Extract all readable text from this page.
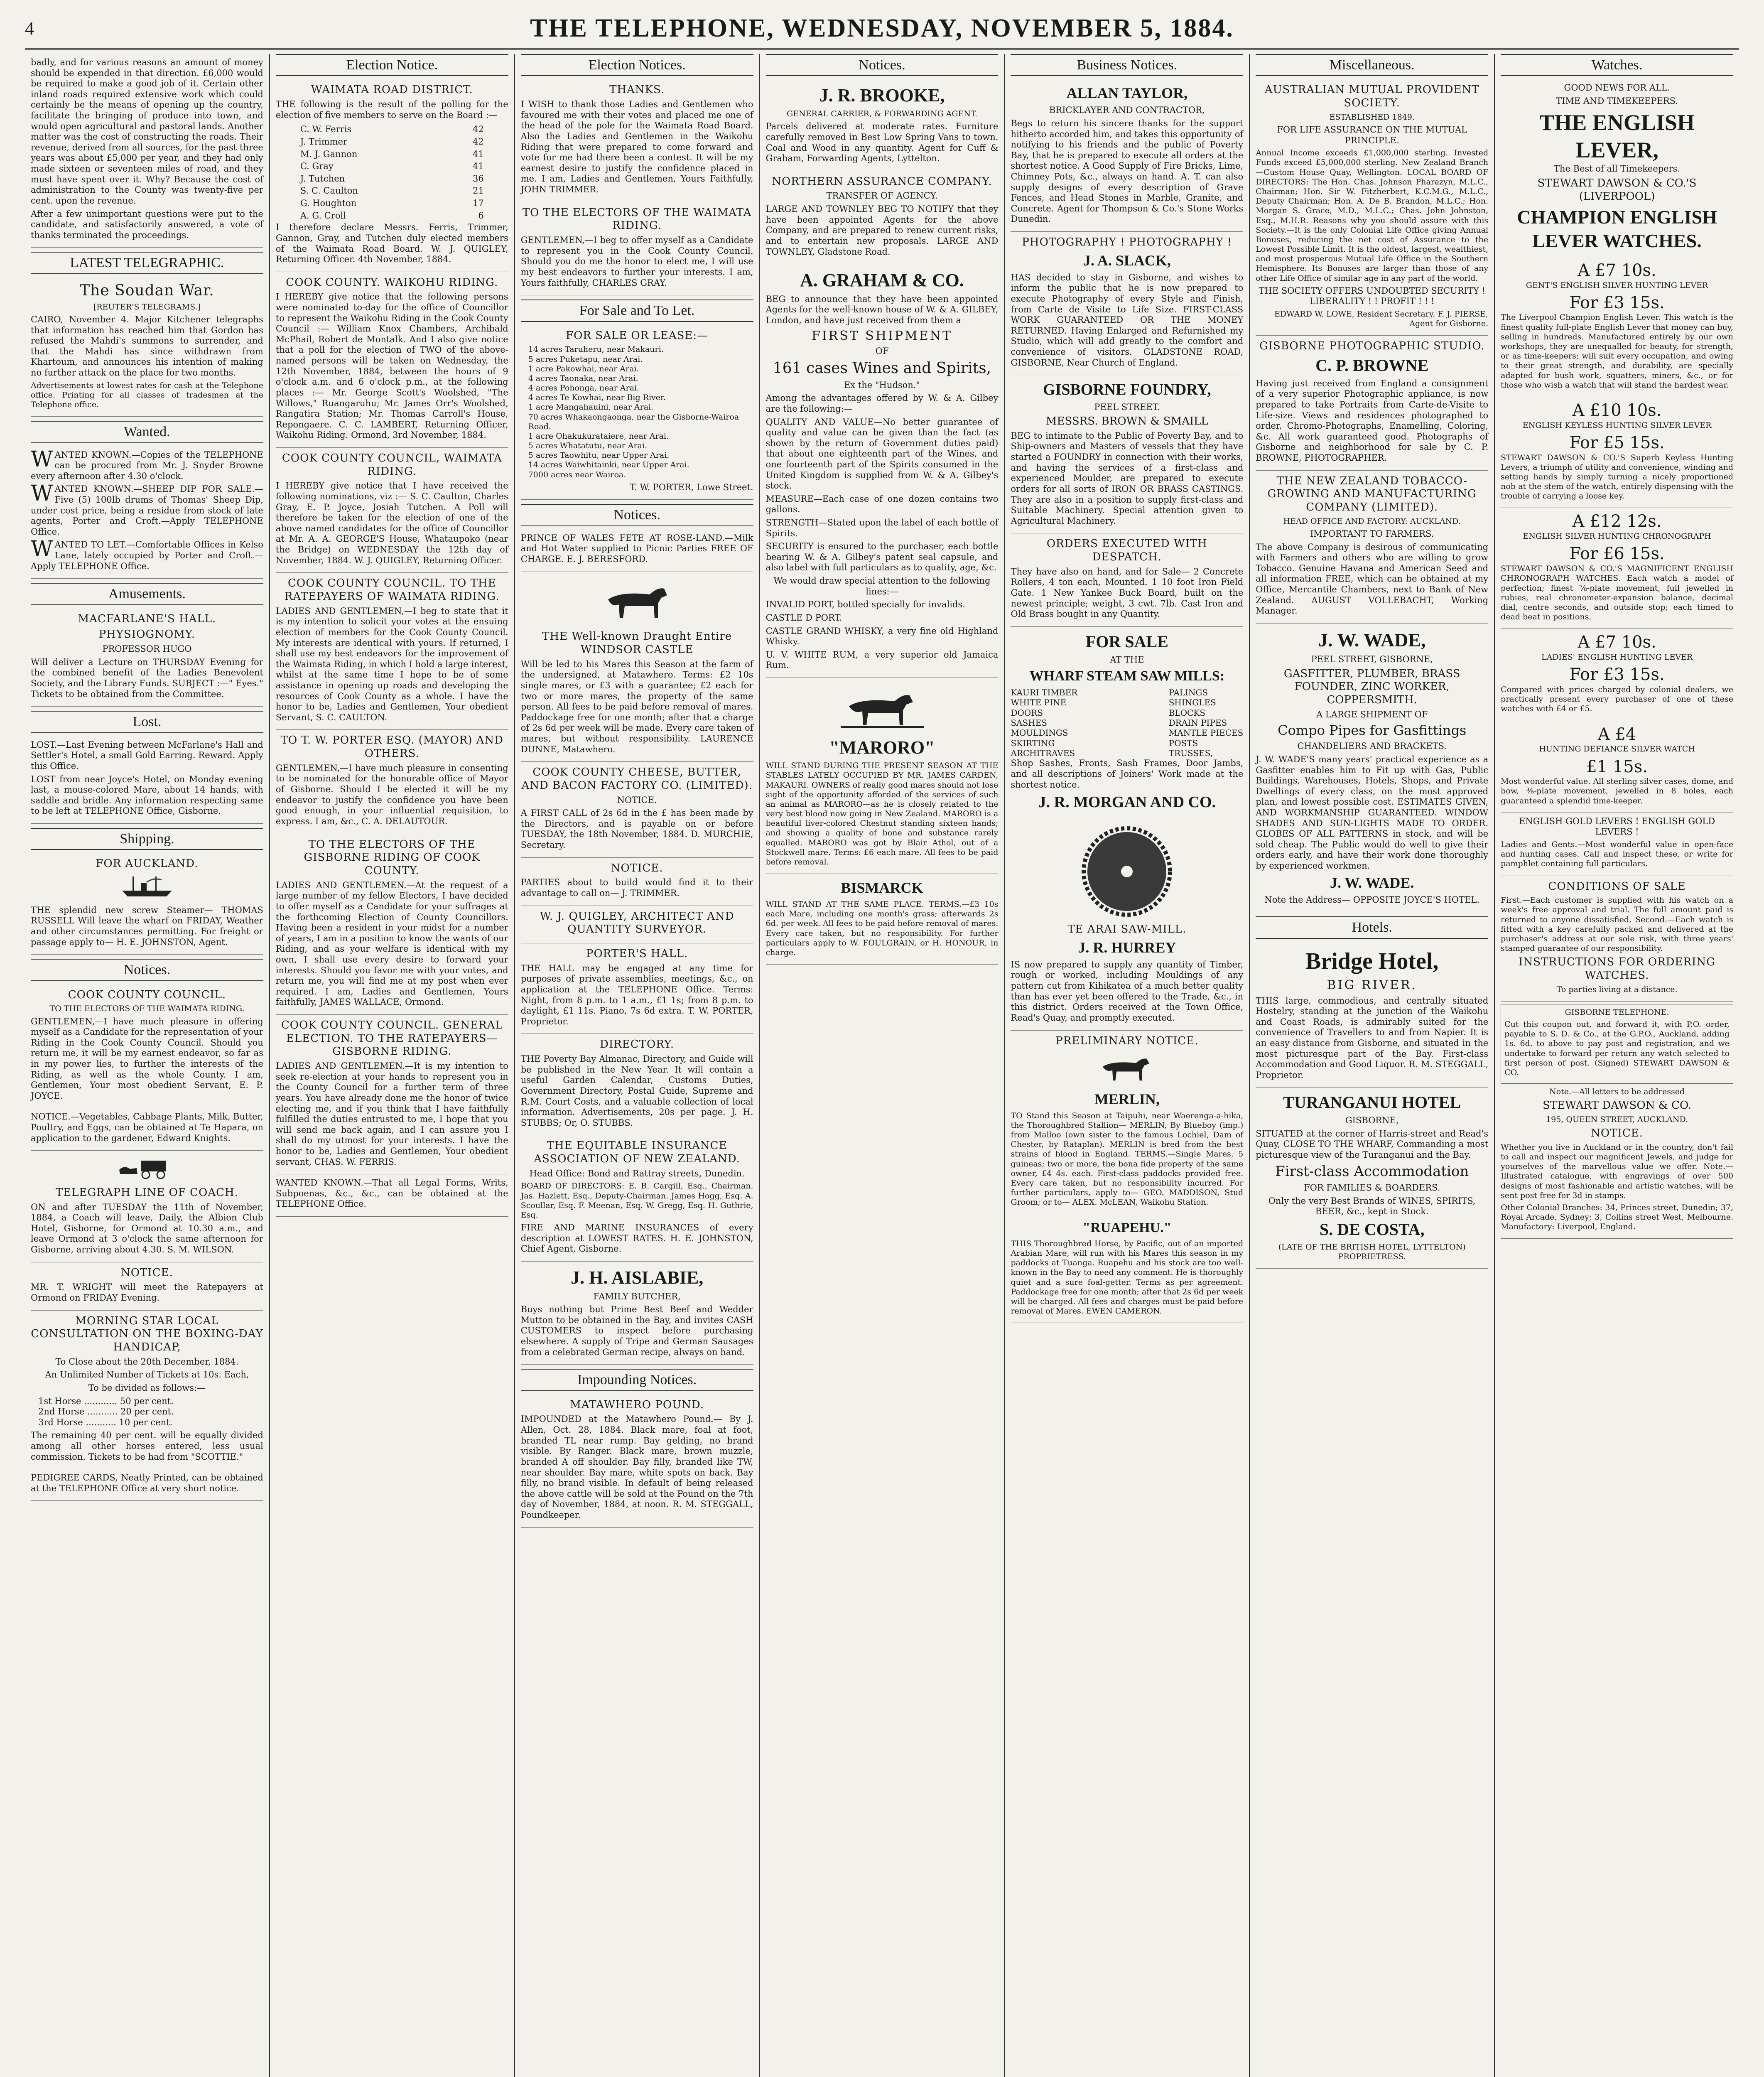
4	THE TELEPHONE, WEDNESDAY, NOVEMBER 5, 1884.

badly, and for various reasons an amount of money should be expended in that direction. £6,000 would be required to make a good job of it. Certain other inland roads required extensive work which could certainly be the means of opening up the country, facilitate the bringing of produce into town, and would open agricultural and pastoral lands. Another matter was the cost of constructing the roads. Their revenue, derived from all sources, for the past three years was about £5,000 per year, and they had only made sixteen or seventeen miles of road, and they must have spent over it. Why? Because the cost of administration to the County was twenty-five per cent. upon the revenue.

After a few unimportant questions were put to the candidate, and satisfactorily answered, a vote of thanks terminated the proceedings.

LATEST TELEGRAPHIC.
The Soudan War.

[REUTER'S TELEGRAMS.]

CAIRO, November 4. Major Kitchener telegraphs that information has reached him that Gordon has refused the Mahdi's summons to surrender, and that the Mahdi has since withdrawn from Khartoum, and announces his intention of making no further attack on the place for two months.

Advertisements at lowest rates for cash at the Telephone office. Printing for all classes of tradesmen at the Telephone office.

Wanted.

WANTED KNOWN.—Copies of the TELEPHONE can be procured from Mr. J. Snyder Browne every afternoon after 4.30 o'clock.

WANTED KNOWN.—SHEEP DIP FOR SALE.—Five (5) 100lb drums of Thomas' Sheep Dip, under cost price, being a residue from stock of late agents, Porter and Croft.—Apply TELEPHONE Office.

WANTED TO LET.—Comfortable Offices in Kelso Lane, lately occupied by Porter and Croft.—Apply TELEPHONE Office.

Amusements.
MACFARLANE'S HALL.
PHYSIOGNOMY.

PROFESSOR HUGO

Will deliver a Lecture on THURSDAY Evening for the combined benefit of the Ladies Benevolent Society, and the Library Funds. SUBJECT :—" Eyes." Tickets to be obtained from the Committee.

Lost.

LOST.—Last Evening between McFarlane's Hall and Settler's Hotel, a small Gold Earring. Reward. Apply this Office.

LOST from near Joyce's Hotel, on Monday evening last, a mouse-colored Mare, about 14 hands, with saddle and bridle. Any information respecting same to be left at TELEPHONE Office, Gisborne.

Shipping.
FOR AUCKLAND.

THE splendid new screw Steamer— THOMAS RUSSELL Will leave the wharf on FRIDAY, Weather and other circumstances permitting. For freight or passage apply to— H. E. JOHNSTON, Agent.

Notices.
COOK COUNTY COUNCIL.

TO THE ELECTORS OF THE WAIMATA RIDING.

GENTLEMEN,—I have much pleasure in offering myself as a Candidate for the representation of your Riding in the Cook County Council. Should you return me, it will be my earnest endeavor, so far as in my power lies, to further the interests of the Riding, as well as the whole County. I am, Gentlemen, Your most obedient Servant, E. P. JOYCE.

NOTICE.—Vegetables, Cabbage Plants, Milk, Butter, Poultry, and Eggs, can be obtained at Te Hapara, on application to the gardener, Edward Knights.

TELEGRAPH LINE OF COACH.

ON and after TUESDAY the 11th of November, 1884, a Coach will leave, Daily, the Albion Club Hotel, Gisborne, for Ormond at 10.30 a.m., and leave Ormond at 3 o'clock the same afternoon for Gisborne, arriving about 4.30. S. M. WILSON.

NOTICE.

MR. T. WRIGHT will meet the Ratepayers at Ormond on FRIDAY Evening.

MORNING STAR LOCAL CONSULTATION ON THE BOXING-DAY HANDICAP,

To Close about the 20th December, 1884.

An Unlimited Number of Tickets at 10s. Each,

To be divided as follows:—

1st Horse ............ 50 per cent.
2nd Horse ........... 20 per cent.
3rd Horse ........... 10 per cent.

The remaining 40 per cent. will be equally divided among all other horses entered, less usual commission. Tickets to be had from "SCOTTIE."

PEDIGREE CARDS, Neatly Printed, can be obtained at the TELEPHONE Office at very short notice.

Election Notice.
WAIMATA ROAD DISTRICT.

THE following is the result of the polling for the election of five members to serve on the Board :—

C. W. Ferris	42
J. Trimmer	42
M. J. Gannon	41
C. Gray	41
J. Tutchen	36
S. C. Caulton	21
G. Houghton	17
A. G. Croll	6

I therefore declare Messrs. Ferris, Trimmer, Gannon, Gray, and Tutchen duly elected members of the Waimata Road Board. W. J. QUIGLEY, Returning Officer. 4th November, 1884.

COOK COUNTY. WAIKOHU RIDING.

I HEREBY give notice that the following persons were nominated to-day for the office of Councillor to represent the Waikohu Riding in the Cook County Council :— William Knox Chambers, Archibald McPhail, Robert de Montalk. And I also give notice that a poll for the election of TWO of the above-named persons will be taken on Wednesday, the 12th November, 1884, between the hours of 9 o'clock a.m. and 6 o'clock p.m., at the following places :— Mr. George Scott's Woolshed, "The Willows," Ruangaruhu; Mr. James Orr's Woolshed, Rangatira Station; Mr. Thomas Carroll's House, Repongaere. C. C. LAMBERT, Returning Officer, Waikohu Riding. Ormond, 3rd November, 1884.

COOK COUNTY COUNCIL, WAIMATA RIDING.

I HEREBY give notice that I have received the following nominations, viz :— S. C. Caulton, Charles Gray, E. P. Joyce, Josiah Tutchen. A Poll will therefore be taken for the election of one of the above named candidates for the office of Councillor at Mr. A. A. GEORGE'S House, Whataupoko (near the Bridge) on WEDNESDAY the 12th day of November, 1884. W. J. QUIGLEY, Returning Officer.

COOK COUNTY COUNCIL. TO THE RATEPAYERS OF WAIMATA RIDING.

LADIES AND GENTLEMEN,—I beg to state that it is my intention to solicit your votes at the ensuing election of members for the Cook County Council. My interests are identical with yours. If returned, I shall use my best endeavors for the improvement of the Waimata Riding, in which I hold a large interest, whilst at the same time I hope to be of some assistance in opening up roads and developing the resources of Cook County as a whole. I have the honor to be, Ladies and Gentlemen, Your obedient Servant, S. C. CAULTON.

TO T. W. PORTER ESQ. (MAYOR) AND OTHERS.

GENTLEMEN,—I have much pleasure in consenting to be nominated for the honorable office of Mayor of Gisborne. Should I be elected it will be my endeavor to justify the confidence you have been good enough, in your influential requisition, to express. I am, &c., C. A. DELAUTOUR.

TO THE ELECTORS OF THE GISBORNE RIDING OF COOK COUNTY.

LADIES AND GENTLEMEN.—At the request of a large number of my fellow Electors, I have decided to offer myself as a Candidate for your suffrages at the forthcoming Election of County Councillors. Having been a resident in your midst for a number of years, I am in a position to know the wants of our Riding, and as your welfare is identical with my own, I shall use every desire to forward your interests. Should you favor me with your votes, and return me, you will find me at my post when ever required. I am, Ladies and Gentlemen, Yours faithfully, JAMES WALLACE, Ormond.

COOK COUNTY COUNCIL. GENERAL ELECTION. TO THE RATEPAYERS—GISBORNE RIDING.

LADIES AND GENTLEMEN.—It is my intention to seek re-election at your hands to represent you in the County Council for a further term of three years. You have already done me the honor of twice electing me, and if you think that I have faithfully fulfilled the duties entrusted to me, I hope that you will send me back again, and I can assure you I shall do my utmost for your interests. I have the honor to be, Ladies and Gentlemen, Your obedient servant, CHAS. W. FERRIS.

WANTED KNOWN.—That all Legal Forms, Writs, Subpoenas, &c., &c., can be obtained at the TELEPHONE Office.

Election Notices.
THANKS.

I WISH to thank those Ladies and Gentlemen who favoured me with their votes and placed me one of the head of the pole for the Waimata Road Board. Also the Ladies and Gentlemen in the Waikohu Riding that were prepared to come forward and vote for me had there been a contest. It will be my earnest desire to justify the confidence placed in me. I am, Ladies and Gentlemen, Yours Faithfully, JOHN TRIMMER.

TO THE ELECTORS OF THE WAIMATA RIDING.

GENTLEMEN,—I beg to offer myself as a Candidate to represent you in the Cook County Council. Should you do me the honor to elect me, I will use my best endeavors to further your interests. I am, Yours faithfully, CHARLES GRAY.

For Sale and To Let.
FOR SALE OR LEASE:—
14 acres Taruheru, near Makauri.
5 acres Puketapu, near Arai.
1 acre Pakowhai, near Arai.
4 acres Taonaka, near Arai.
4 acres Pohonga, near Arai.
4 acres Te Kowhai, near Big River.
1 acre Mangahauini, near Arai.
70 acres Whakaongaonga, near the Gisborne-Wairoa Road.
1 acre Ohakukurataiere, near Arai.
5 acres Whatatutu, near Arai.
5 acres Taowhitu, near Upper Arai.
14 acres Waiwhitainki, near Upper Arai.
7000 acres near Wairoa.

T. W. PORTER, Lowe Street.

Notices.

PRINCE OF WALES FETE AT ROSE-LAND.—Milk and Hot Water supplied to Picnic Parties FREE OF CHARGE. E. J. BERESFORD.

THE Well-known Draught Entire WINDSOR CASTLE

Will be led to his Mares this Season at the farm of the undersigned, at Matawhero. Terms: £2 10s single mares, or £3 with a guarantee; £2 each for two or more mares, the property of the same person. All fees to be paid before removal of mares. Paddockage free for one month; after that a charge of 2s 6d per week will be made. Every care taken of mares, but without responsibility. LAURENCE DUNNE, Matawhero.

COOK COUNTY CHEESE, BUTTER, AND BACON FACTORY CO. (LIMITED).

NOTICE.

A FIRST CALL of 2s 6d in the £ has been made by the Directors, and is payable on or before TUESDAY, the 18th November, 1884. D. MURCHIE, Secretary.

NOTICE.

PARTIES about to build would find it to their advantage to call on— J. TRIMMER.

W. J. QUIGLEY, ARCHITECT AND QUANTITY SURVEYOR.
PORTER'S HALL.

THE HALL may be engaged at any time for purposes of private assemblies, meetings, &c., on application at the TELEPHONE Office. Terms: Night, from 8 p.m. to 1 a.m., £1 1s; from 8 p.m. to daylight, £1 11s. Piano, 7s 6d extra. T. W. PORTER, Proprietor.

DIRECTORY.

THE Poverty Bay Almanac, Directory, and Guide will be published in the New Year. It will contain a useful Garden Calendar, Customs Duties, Government Directory, Postal Guide, Supreme and R.M. Court Costs, and a valuable collection of local information. Advertisements, 20s per page. J. H. STUBBS; Or, O. STUBBS.

THE EQUITABLE INSURANCE ASSOCIATION OF NEW ZEALAND.

Head Office: Bond and Rattray streets, Dunedin.

BOARD OF DIRECTORS: E. B. Cargill, Esq., Chairman. Jas. Hazlett, Esq., Deputy-Chairman. James Hogg, Esq. A. Scoullar, Esq. F. Meenan, Esq. W. Gregg, Esq. H. Guthrie, Esq.

FIRE AND MARINE INSURANCES of every description at LOWEST RATES. H. E. JOHNSTON, Chief Agent, Gisborne.

J. H. AISLABIE,

FAMILY BUTCHER,

Buys nothing but Prime Best Beef and Wedder Mutton to be obtained in the Bay, and invites CASH CUSTOMERS to inspect before purchasing elsewhere. A supply of Tripe and German Sausages from a celebrated German recipe, always on hand.

Impounding Notices.
MATAWHERO POUND.

IMPOUNDED at the Matawhero Pound.— By J. Allen, Oct. 28, 1884. Black mare, foal at foot, branded TL near rump. Bay gelding, no brand visible. By Ranger. Black mare, brown muzzle, branded A off shoulder. Bay filly, branded like TW, near shoulder. Bay mare, white spots on back. Bay filly, no brand visible. In default of being released the above cattle will be sold at the Pound on the 7th day of November, 1884, at noon. R. M. STEGGALL, Poundkeeper.

Notices.
J. R. BROOKE,

GENERAL CARRIER, & FORWARDING AGENT.

Parcels delivered at moderate rates. Furniture carefully removed in Best Low Spring Vans to town. Coal and Wood in any quantity. Agent for Cuff & Graham, Forwarding Agents, Lyttelton.

NORTHERN ASSURANCE COMPANY.

TRANSFER OF AGENCY.

LARGE AND TOWNLEY BEG TO NOTIFY that they have been appointed Agents for the above Company, and are prepared to renew current risks, and to entertain new proposals. LARGE AND TOWNLEY, Gladstone Road.

A. GRAHAM & CO.

BEG to announce that they have been appointed Agents for the well-known house of W. & A. GILBEY, London, and have just received from them a

FIRST SHIPMENT

OF

161 cases Wines and Spirits,

Ex the "Hudson."

Among the advantages offered by W. & A. Gilbey are the following:—

QUALITY AND VALUE—No better guarantee of quality and value can be given than the fact (as shown by the return of Government duties paid) that about one eighteenth part of the Wines, and one fourteenth part of the Spirits consumed in the United Kingdom is supplied from W. & A. Gilbey's stock.

MEASURE—Each case of one dozen contains two gallons.

STRENGTH—Stated upon the label of each bottle of Spirits.

SECURITY is ensured to the purchaser, each bottle bearing W. & A. Gilbey's patent seal capsule, and also label with full particulars as to quality, age, &c.

We would draw special attention to the following lines:—

INVALID PORT, bottled specially for invalids.

CASTLE D PORT.

CASTLE GRAND WHISKY, a very fine old Highland Whisky.

U. V. WHITE RUM, a very superior old Jamaica Rum.

"MARORO"

WILL STAND DURING THE PRESENT SEASON AT THE STABLES LATELY OCCUPIED BY MR. JAMES CARDEN, MAKAURI. OWNERS of really good mares should not lose sight of the opportunity afforded of the services of such an animal as MARORO—as he is closely related to the very best blood now going in New Zealand. MARORO is a beautiful liver-colored Chestnut standing sixteen hands; and showing a quality of bone and substance rarely equalled. MARORO was got by Blair Athol, out of a Stockwell mare. Terms: £6 each mare. All fees to be paid before removal.

BISMARCK

WILL STAND AT THE SAME PLACE. TERMS.—£3 10s each Mare, including one month's grass; afterwards 2s 6d. per week. All fees to be paid before removal of mares. Every care taken, but no responsibility. For further particulars apply to W. FOULGRAIN, or H. HONOUR, in charge.

Business Notices.
ALLAN TAYLOR,

BRICKLAYER AND CONTRACTOR,

Begs to return his sincere thanks for the support hitherto accorded him, and takes this opportunity of notifying to his friends and the public of Poverty Bay, that he is prepared to execute all orders at the shortest notice. A Good Supply of Fire Bricks, Lime, Chimney Pots, &c., always on hand. A. T. can also supply designs of every description of Grave Fences, and Head Stones in Marble, Granite, and Concrete. Agent for Thompson & Co.'s Stone Works Dunedin.

PHOTOGRAPHY ! PHOTOGRAPHY !
J. A. SLACK,

HAS decided to stay in Gisborne, and wishes to inform the public that he is now prepared to execute Photography of every Style and Finish, from Carte de Visite to Life Size. FIRST-CLASS WORK GUARANTEED OR THE MONEY RETURNED. Having Enlarged and Refurnished my Studio, which will add greatly to the comfort and convenience of visitors. GLADSTONE ROAD, GISBORNE, Near Church of England.

GISBORNE FOUNDRY,

PEEL STREET.

MESSRS. BROWN & SMAILL

BEG to intimate to the Public of Poverty Bay, and to Ship-owners and Masters of vessels that they have started a FOUNDRY in connection with their works, and having the services of a first-class and experienced Moulder, are prepared to execute orders for all sorts of IRON OR BRASS CASTINGS. They are also in a position to supply first-class and Suitable Machinery. Special attention given to Agricultural Machinery.

ORDERS EXECUTED WITH DESPATCH.

They have also on hand, and for Sale— 2 Concrete Rollers, 4 ton each, Mounted. 1 10 foot Iron Field Gate. 1 New Yankee Buck Board, built on the newest principle; weight, 3 cwt. 7lb. Cast Iron and Old Brass bought in any Quantity.

FOR SALE

AT THE

WHARF STEAM SAW MILLS:
KAURI TIMBER
WHITE PINE
DOORS
SASHES
MOULDINGS
SKIRTING
ARCHITRAVES
PALINGS
SHINGLES
BLOCKS
DRAIN PIPES
MANTLE PIECES
POSTS
TRUSSES,

Shop Sashes, Fronts, Sash Frames, Door Jambs, and all descriptions of Joiners' Work made at the shortest notice.

J. R. MORGAN AND CO.
TE ARAI SAW-MILL.
J. R. HURREY

IS now prepared to supply any quantity of Timber, rough or worked, including Mouldings of any pattern cut from Kihikatea of a much better quality than has ever yet been offered to the Trade, &c., in this district. Orders received at the Town Office, Read's Quay, and promptly executed.

PRELIMINARY NOTICE.
MERLIN,

TO Stand this Season at Taipuhi, near Waerenga-a-hika, the Thoroughbred Stallion— MERLIN, By Blueboy (imp.) from Malloo (own sister to the famous Lochiel, Dam of Chester, by Rataplan). MERLIN is bred from the best strains of blood in England. TERMS.—Single Mares, 5 guineas; two or more, the bona fide property of the same owner, £4 4s. each. First-class paddocks provided free. Every care taken, but no responsibility incurred. For further particulars, apply to— GEO. MADDISON, Stud Groom; or to— ALEX. McLEAN, Waikohu Station.

"RUAPEHU."

THIS Thoroughbred Horse, by Pacific, out of an imported Arabian Mare, will run with his Mares this season in my paddocks at Tuanga. Ruapehu and his stock are too well-known in the Bay to need any comment. He is thoroughly quiet and a sure foal-getter. Terms as per agreement. Paddockage free for one month; after that 2s 6d per week will be charged. All fees and charges must be paid before removal of Mares. EWEN CAMERON.

Miscellaneous.
AUSTRALIAN MUTUAL PROVIDENT SOCIETY.

ESTABLISHED 1849.

FOR LIFE ASSURANCE ON THE MUTUAL PRINCIPLE.

Annual Income exceeds £1,000,000 sterling. Invested Funds exceed £5,000,000 sterling. New Zealand Branch—Custom House Quay, Wellington. LOCAL BOARD OF DIRECTORS: The Hon. Chas. Johnson Pharazyn, M.L.C., Chairman; Hon. Sir W. Fitzherbert, K.C.M.G., M.L.C., Deputy Chairman; Hon. A. De B. Brandon, M.L.C.; Hon. Morgan S. Grace, M.D., M.L.C.; Chas. John Johnston, Esq., M.H.R. Reasons why you should assure with this Society.—It is the only Colonial Life Office giving Annual Bonuses, reducing the net cost of Assurance to the Lowest Possible Limit. It is the oldest, largest, wealthiest, and most prosperous Mutual Life Office in the Southern Hemisphere. Its Bonuses are larger than those of any other Life Office of similar age in any part of the world.

THE SOCIETY OFFERS UNDOUBTED SECURITY ! LIBERALITY ! ! PROFIT ! ! !

EDWARD W. LOWE, Resident Secretary. F. J. PIERSE, Agent for Gisborne.

GISBORNE PHOTOGRAPHIC STUDIO.
C. P. BROWNE

Having just received from England a consignment of a very superior Photographic appliance, is now prepared to take Portraits from Carte-de-Visite to Life-size. Views and residences photographed to order. Chromo-Photographs, Enamelling, Coloring, &c. All work guaranteed good. Photographs of Gisborne and neighborhood for sale by C. P. BROWNE, PHOTOGRAPHER.

THE NEW ZEALAND TOBACCO-GROWING AND MANUFACTURING COMPANY (LIMITED).

HEAD OFFICE AND FACTORY: AUCKLAND.

IMPORTANT TO FARMERS.

The above Company is desirous of communicating with Farmers and others who are willing to grow Tobacco. Genuine Havana and American Seed and all information FREE, which can be obtained at my Office, Mercantile Chambers, next to Bank of New Zealand. AUGUST VOLLEBACHT, Working Manager.

J. W. WADE,

PEEL STREET, GISBORNE,

GASFITTER, PLUMBER, BRASS FOUNDER, ZINC WORKER, COPPERSMITH.

A LARGE SHIPMENT OF

Compo Pipes for Gasfittings

CHANDELIERS AND BRACKETS.

J. W. WADE'S many years' practical experience as a Gasfitter enables him to Fit up with Gas, Public Buildings, Warehouses, Hotels, Shops, and Private Dwellings of every class, on the most approved plan, and lowest possible cost. ESTIMATES GIVEN, AND WORKMANSHIP GUARANTEED. WINDOW SHADES AND SUN-LIGHTS MADE TO ORDER. GLOBES OF ALL PATTERNS in stock, and will be sold cheap. The Public would do well to give their orders early, and have their work done thoroughly by experienced workmen.

J. W. WADE.

Note the Address— OPPOSITE JOYCE'S HOTEL.

Hotels.
Bridge Hotel,

BIG RIVER.

THIS large, commodious, and centrally situated Hostelry, standing at the junction of the Waikohu and Coast Roads, is admirably suited for the convenience of Travellers to and from Napier. It is an easy distance from Gisborne, and situated in the most picturesque part of the Bay. First-class Accommodation and Good Liquor. R. M. STEGGALL, Proprietor.

TURANGANUI HOTEL

GISBORNE,

SITUATED at the corner of Harris-street and Read's Quay, CLOSE TO THE WHARF, Commanding a most picturesque view of the Turanganui and the Bay.

First-class Accommodation

FOR FAMILIES & BOARDERS.

Only the very Best Brands of WINES, SPIRITS, BEER, &c., kept in Stock.

S. DE COSTA,

(LATE OF THE BRITISH HOTEL, LYTTELTON) PROPRIETRESS.

Watches.

GOOD NEWS FOR ALL.

TIME AND TIMEKEEPERS.

THE ENGLISH LEVER,

The Best of all Timekeepers.

STEWART DAWSON & CO.'S (LIVERPOOL)

CHAMPION ENGLISH LEVER WATCHES.
A £7 10s.

GENT'S ENGLISH SILVER HUNTING LEVER

For £3 15s.

The Liverpool Champion English Lever. This watch is the finest quality full-plate English Lever that money can buy, selling in hundreds. Manufactured entirely by our own workshops, they are unequalled for beauty, for strength, or as time-keepers; will suit every occupation, and owing to their great strength, and durability, are specially adapted for bush work, squatters, miners, &c., or for those who wish a watch that will stand the hardest wear.

A £10 10s.

ENGLISH KEYLESS HUNTING SILVER LEVER

For £5 15s.

STEWART DAWSON & CO.'S Superb Keyless Hunting Levers, a triumph of utility and convenience, winding and setting hands by simply turning a nicely proportioned nob at the stem of the watch, entirely dispensing with the trouble of carrying a loose key.

A £12 12s.

ENGLISH SILVER HUNTING CHRONOGRAPH

For £6 15s.

STEWART DAWSON & CO.'S MAGNIFICENT ENGLISH CHRONOGRAPH WATCHES. Each watch a model of perfection; finest ⅞-plate movement, full jewelled in rubies, real chronometer-expansion balance, decimal dial, centre seconds, and outside stop; each timed to dead beat in positions.

A £7 10s.

LADIES' ENGLISH HUNTING LEVER

For £3 15s.

Compared with prices charged by colonial dealers, we practically present every purchaser of one of these watches with £4 or £5.

A £4

HUNTING DEFIANCE SILVER WATCH

£1 15s.

Most wonderful value. All sterling silver cases, dome, and bow, ⅜-plate movement, jewelled in 8 holes, each guaranteed a splendid time-keeper.

ENGLISH GOLD LEVERS ! ENGLISH GOLD LEVERS !

Ladies and Gents.—Most wonderful value in open-face and hunting cases. Call and inspect these, or write for pamphlet containing full particulars.

CONDITIONS OF SALE

First.—Each customer is supplied with his watch on a week's free approval and trial. The full amount paid is returned to anyone dissatisfied. Second.—Each watch is fitted with a key carefully packed and delivered at the purchaser's address at our sole risk, with three years' stamped guarantee of our responsibility.

INSTRUCTIONS FOR ORDERING WATCHES.

To parties living at a distance.

GISBORNE TELEPHONE.

Cut this coupon out, and forward it, with P.O. order, payable to S. D. & Co., at the G.P.O., Auckland, adding 1s. 6d. to above to pay post and registration, and we undertake to forward per return any watch selected to first person of post. (Signed) STEWART DAWSON & CO.

Note.—All letters to be addressed

STEWART DAWSON & CO.

195, QUEEN STREET, AUCKLAND.

NOTICE.

Whether you live in Auckland or in the country, don't fail to call and inspect our magnificent Jewels, and judge for yourselves of the marvellous value we offer. Note.—Illustrated catalogue, with engravings of over 500 designs of most fashionable and artistic watches, will be sent post free for 3d in stamps.

Other Colonial Branches: 34, Princes street, Dunedin; 37, Royal Arcade, Sydney; 3, Collins street West, Melbourne. Manufactory: Liverpool, England.
